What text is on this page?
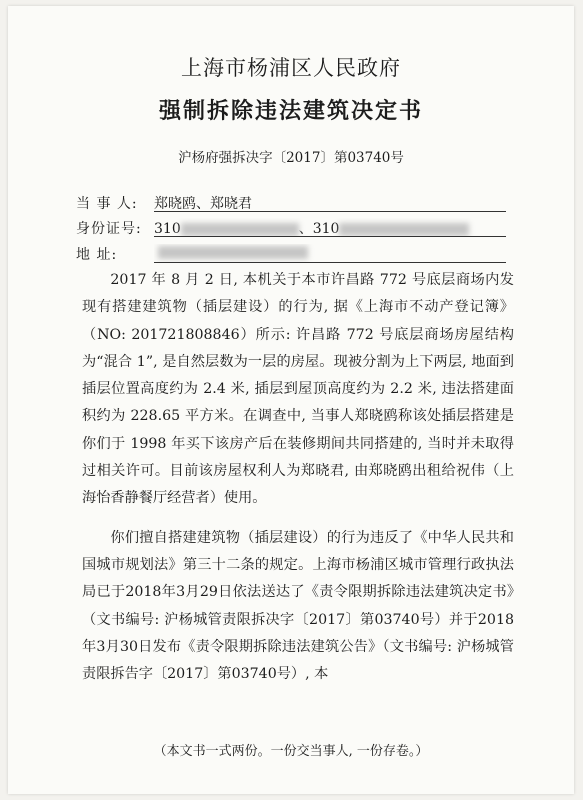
上海市杨浦区人民政府
强制拆除违法建筑决定书
沪杨府强拆决字〔2017〕第03740号
当 事 人:	郑晓鸥、郑晓君
身份证号: 310	、310
地 址:

2017 年 8 月 2 日, 本机关于本市许昌路 772 号底层商场内发现有搭建建筑物（插层建设）的行为, 据《上海市不动产登记簿》（NO: 201721808846）所示: 许昌路 772 号底层商场房屋结构为“混合 1”, 是自然层数为一层的房屋。现被分割为上下两层, 地面到插层位置高度约为 2.4 米, 插层到屋顶高度约为 2.2 米, 违法搭建面积约为 228.65 平方米。在调查中, 当事人郑晓鸥称该处插层搭建是你们于 1998 年买下该房产后在装修期间共同搭建的, 当时并未取得过相关许可。目前该房屋权利人为郑晓君, 由郑晓鸥出租给祝伟（上海怡香静餐厅经营者）使用。

你们擅自搭建建筑物（插层建设）的行为违反了《中华人民共和国城市规划法》第三十二条的规定。上海市杨浦区城市管理行政执法局已于2018年3月29日依法送达了《责令限期拆除违法建筑决定书》（文书编号: 沪杨城管责限拆决字〔2017〕第03740号）并于2018年3月30日发布《责令限期拆除违法建筑公告》（文书编号: 沪杨城管责限拆告字〔2017〕第03740号）, 本

（本文书一式两份。一份交当事人, 一份存卷。）
